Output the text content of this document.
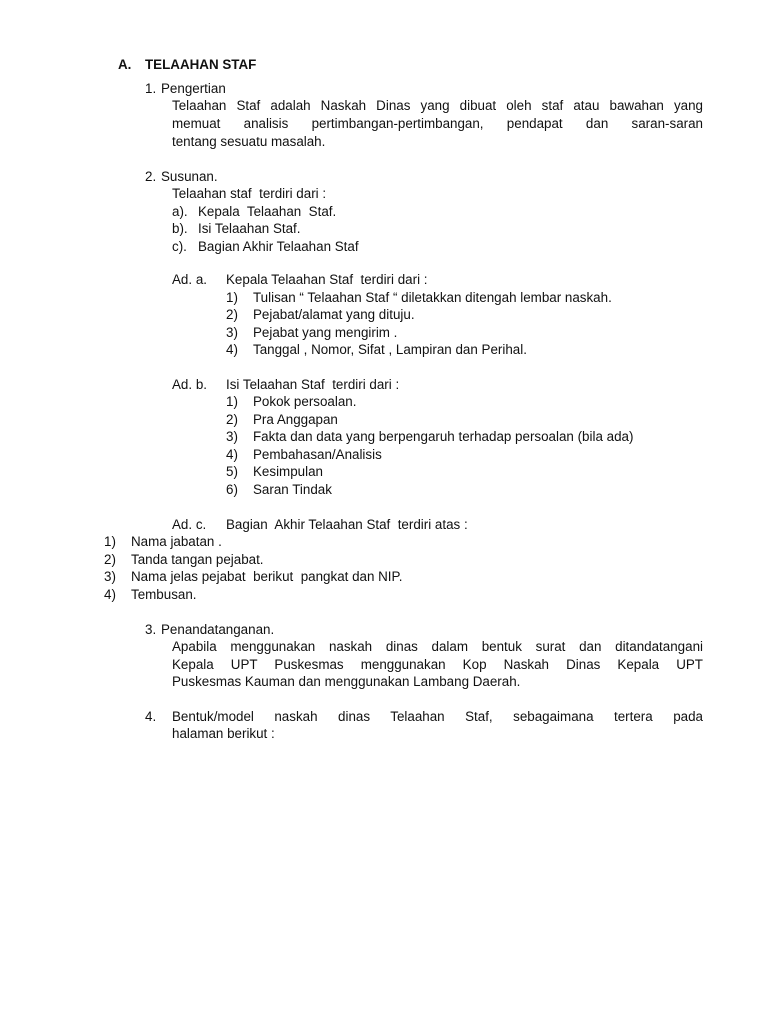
A. TELAAHAN STAF
1. Pengertian
Telaahan Staf adalah Naskah Dinas yang dibuat oleh staf atau bawahan yang
memuat analisis pertimbangan-pertimbangan, pendapat dan saran-saran
tentang sesuatu masalah.
2. Susunan.
Telaahan staf  terdiri dari :
a). Kepala  Telaahan  Staf.
b). Isi Telaahan Staf.
c). Bagian Akhir Telaahan Staf
Ad. a. Kepala Telaahan Staf  terdiri dari :
1) Tulisan “ Telaahan Staf “ diletakkan ditengah lembar naskah.
2) Pejabat/alamat yang dituju.
3) Pejabat yang mengirim .
4) Tanggal , Nomor, Sifat , Lampiran dan Perihal.
Ad. b. Isi Telaahan Staf  terdiri dari :
1) Pokok persoalan.
2) Pra Anggapan
3) Fakta dan data yang berpengaruh terhadap persoalan (bila ada)
4) Pembahasan/Analisis
5) Kesimpulan
6) Saran Tindak
Ad. c. Bagian  Akhir Telaahan Staf  terdiri atas :
1) Nama jabatan .
2) Tanda tangan pejabat.
3) Nama jelas pejabat  berikut  pangkat dan NIP.
4) Tembusan.
3. Penandatanganan.
Apabila menggunakan naskah dinas dalam bentuk surat dan ditandatangani
Kepala UPT Puskesmas menggunakan Kop Naskah Dinas Kepala UPT
Puskesmas Kauman dan menggunakan Lambang Daerah.
4. Bentuk/model naskah dinas Telaahan Staf, sebagaimana tertera pada
halaman berikut :
